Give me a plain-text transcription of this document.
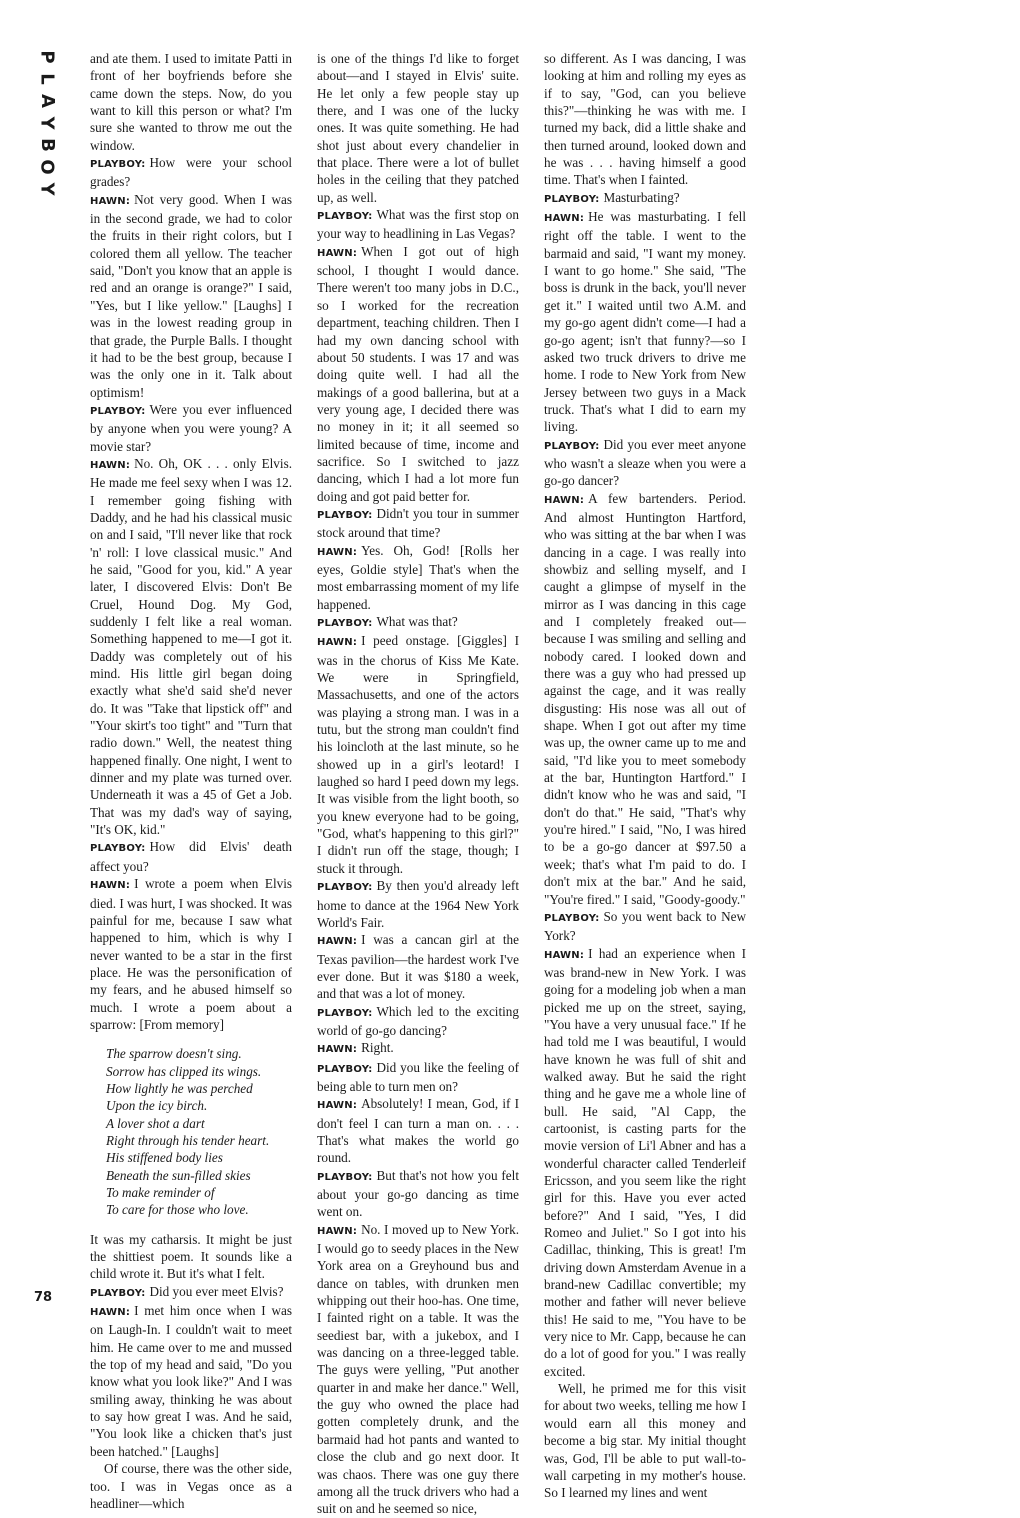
P
L
A
Y
B
O
Y
78

and ate them. I used to imitate Patti in front of her boyfriends before she came down the steps. Now, do you want to kill this person or what? I'm sure she wanted to throw me out the window.

PLAYBOY: How were your school grades?

HAWN: Not very good. When I was in the second grade, we had to color the fruits in their right colors, but I colored them all yellow. The teacher said, "Don't you know that an apple is red and an orange is orange?" I said, "Yes, but I like yellow." [Laughs] I was in the lowest reading group in that grade, the Purple Balls. I thought it had to be the best group, because I was the only one in it. Talk about optimism!

PLAYBOY: Were you ever influenced by anyone when you were young? A movie star?

HAWN: No. Oh, OK . . . only Elvis. He made me feel sexy when I was 12. I remember going fishing with Daddy, and he had his classical music on and I said, "I'll never like that rock 'n' roll: I love classical music." And he said, "Good for you, kid." A year later, I discovered Elvis: Don't Be Cruel, Hound Dog. My God, suddenly I felt like a real woman. Something happened to me—I got it. Daddy was completely out of his mind. His little girl began doing exactly what she'd said she'd never do. It was "Take that lipstick off" and "Your skirt's too tight" and "Turn that radio down." Well, the neatest thing happened finally. One night, I went to dinner and my plate was turned over. Underneath it was a 45 of Get a Job. That was my dad's way of saying, "It's OK, kid."

PLAYBOY: How did Elvis' death affect you?

HAWN: I wrote a poem when Elvis died. I was hurt, I was shocked. It was painful for me, because I saw what happened to him, which is why I never wanted to be a star in the first place. He was the personification of my fears, and he abused himself so much. I wrote a poem about a sparrow: [From memory]

The sparrow doesn't sing.
Sorrow has clipped its wings.
How lightly he was perched
Upon the icy birch.
A lover shot a dart
Right through his tender heart.
His stiffened body lies
Beneath the sun-filled skies
To make reminder of
To care for those who love.

It was my catharsis. It might be just the shittiest poem. It sounds like a child wrote it. But it's what I felt.

PLAYBOY: Did you ever meet Elvis?

HAWN: I met him once when I was on Laugh-In. I couldn't wait to meet him. He came over to me and mussed the top of my head and said, "Do you know what you look like?" And I was smiling away, thinking he was about to say how great I was. And he said, "You look like a chicken that's just been hatched." [Laughs]

Of course, there was the other side, too. I was in Vegas once as a headliner—which

is one of the things I'd like to forget about—and I stayed in Elvis' suite. He let only a few people stay up there, and I was one of the lucky ones. It was quite something. He had shot just about every chandelier in that place. There were a lot of bullet holes in the ceiling that they patched up, as well.

PLAYBOY: What was the first stop on your way to headlining in Las Vegas?

HAWN: When I got out of high school, I thought I would dance. There weren't too many jobs in D.C., so I worked for the recreation department, teaching children. Then I had my own dancing school with about 50 students. I was 17 and was doing quite well. I had all the makings of a good ballerina, but at a very young age, I decided there was no money in it; it all seemed so limited because of time, income and sacrifice. So I switched to jazz dancing, which I had a lot more fun doing and got paid better for.

PLAYBOY: Didn't you tour in summer stock around that time?

HAWN: Yes. Oh, God! [Rolls her eyes, Goldie style] That's when the most embarrassing moment of my life happened.

PLAYBOY: What was that?

HAWN: I peed onstage. [Giggles] I was in the chorus of Kiss Me Kate. We were in Springfield, Massachusetts, and one of the actors was playing a strong man. I was in a tutu, but the strong man couldn't find his loincloth at the last minute, so he showed up in a girl's leotard! I laughed so hard I peed down my legs. It was visible from the light booth, so you knew everyone had to be going, "God, what's happening to this girl?" I didn't run off the stage, though; I stuck it through.

PLAYBOY: By then you'd already left home to dance at the 1964 New York World's Fair.

HAWN: I was a cancan girl at the Texas pavilion—the hardest work I've ever done. But it was $180 a week, and that was a lot of money.

PLAYBOY: Which led to the exciting world of go-go dancing?

HAWN: Right.

PLAYBOY: Did you like the feeling of being able to turn men on?

HAWN: Absolutely! I mean, God, if I don't feel I can turn a man on. . . . That's what makes the world go round.

PLAYBOY: But that's not how you felt about your go-go dancing as time went on.

HAWN: No. I moved up to New York. I would go to seedy places in the New York area on a Greyhound bus and dance on tables, with drunken men whipping out their hoo-has. One time, I fainted right on a table. It was the seediest bar, with a jukebox, and I was dancing on a three-legged table. The guys were yelling, "Put another quarter in and make her dance." Well, the guy who owned the place had gotten completely drunk, and the barmaid had hot pants and wanted to close the club and go next door. It was chaos. There was one guy there among all the truck drivers who had a suit on and he seemed so nice,

so different. As I was dancing, I was looking at him and rolling my eyes as if to say, "God, can you believe this?"—thinking he was with me. I turned my back, did a little shake and then turned around, looked down and he was . . . having himself a good time. That's when I fainted.

PLAYBOY: Masturbating?

HAWN: He was masturbating. I fell right off the table. I went to the barmaid and said, "I want my money. I want to go home." She said, "The boss is drunk in the back, you'll never get it." I waited until two A.M. and my go-go agent didn't come—I had a go-go agent; isn't that funny?—so I asked two truck drivers to drive me home. I rode to New York from New Jersey between two guys in a Mack truck. That's what I did to earn my living.

PLAYBOY: Did you ever meet anyone who wasn't a sleaze when you were a go-go dancer?

HAWN: A few bartenders. Period. And almost Huntington Hartford, who was sitting at the bar when I was dancing in a cage. I was really into showbiz and selling myself, and I caught a glimpse of myself in the mirror as I was dancing in this cage and I completely freaked out—because I was smiling and selling and nobody cared. I looked down and there was a guy who had pressed up against the cage, and it was really disgusting: His nose was all out of shape. When I got out after my time was up, the owner came up to me and said, "I'd like you to meet somebody at the bar, Huntington Hartford." I didn't know who he was and said, "I don't do that." He said, "That's why you're hired." I said, "No, I was hired to be a go-go dancer at $97.50 a week; that's what I'm paid to do. I don't mix at the bar." And he said, "You're fired." I said, "Goody-goody."

PLAYBOY: So you went back to New York?

HAWN: I had an experience when I was brand-new in New York. I was going for a modeling job when a man picked me up on the street, saying, "You have a very unusual face." If he had told me I was beautiful, I would have known he was full of shit and walked away. But he said the right thing and he gave me a whole line of bull. He said, "Al Capp, the cartoonist, is casting parts for the movie version of Li'l Abner and has a wonderful character called Tenderleif Ericsson, and you seem like the right girl for this. Have you ever acted before?" And I said, "Yes, I did Romeo and Juliet." So I got into his Cadillac, thinking, This is great! I'm driving down Amsterdam Avenue in a brand-new Cadillac convertible; my mother and father will never believe this! He said to me, "You have to be very nice to Mr. Capp, because he can do a lot of good for you." I was really excited.

Well, he primed me for this visit for about two weeks, telling me how I would earn all this money and become a big star. My initial thought was, God, I'll be able to put wall-to-wall carpeting in my mother's house. So I learned my lines and went
